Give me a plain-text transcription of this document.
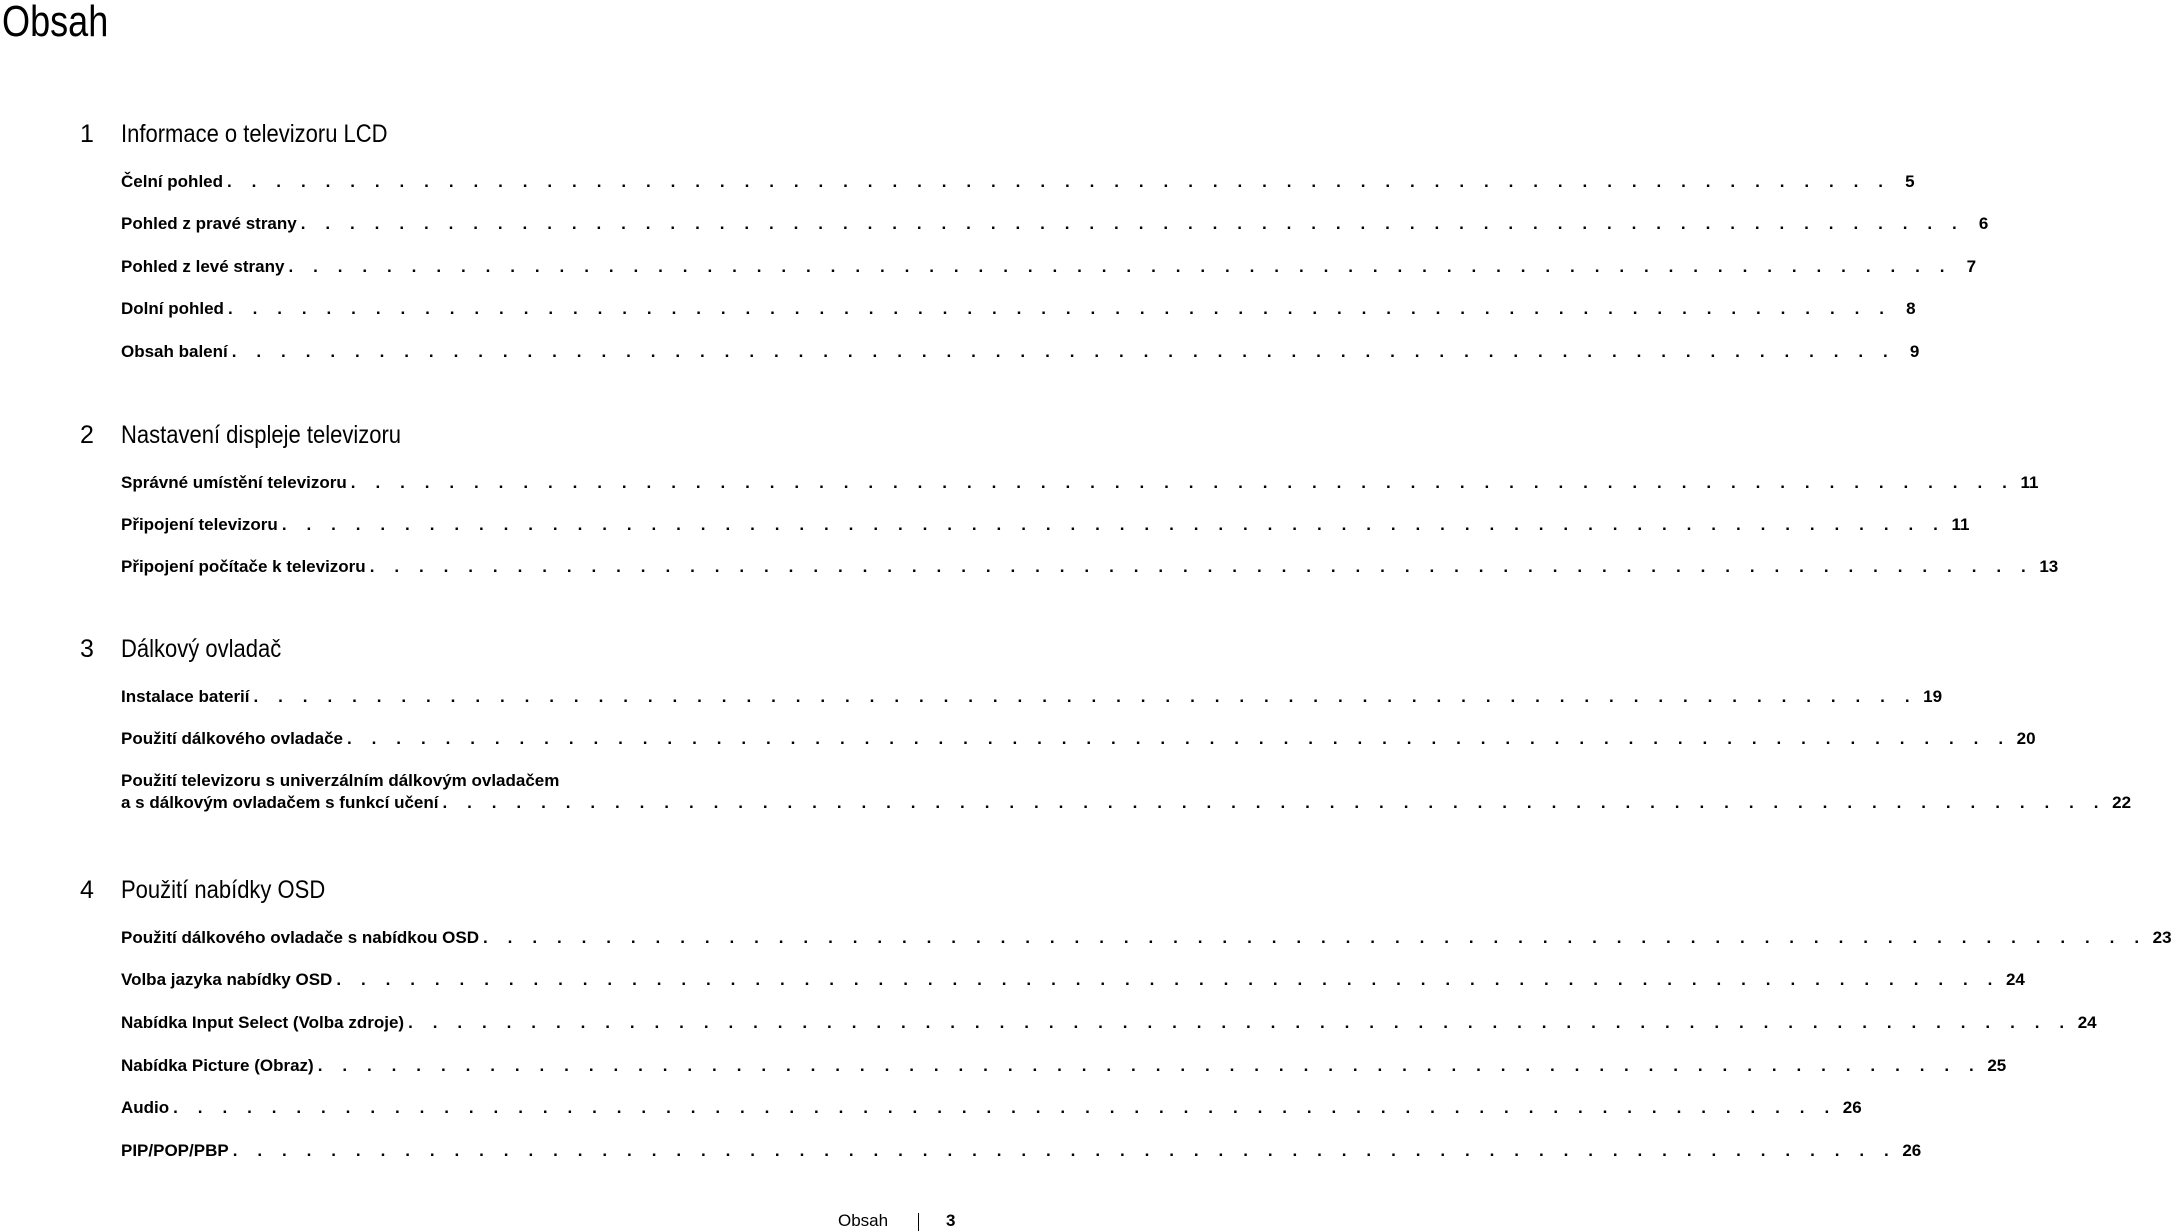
Obsah
1 Informace o televizoru LCD
Čelní pohled . . . . . . . . . . . . . . . . . . . . . . . . . . . . . . . . . . . . . . . . . . . . . . . . . . . . . . . . . . . . . . . . . . . . 5
Pohled z pravé strany . . . . . . . . . . . . . . . . . . . . . . . . . . . . . . . . . . . . . . . . . . . . . . . . . . . . . . . . . . . . . . . . . . . . 6
Pohled z levé strany . . . . . . . . . . . . . . . . . . . . . . . . . . . . . . . . . . . . . . . . . . . . . . . . . . . . . . . . . . . . . . . . . . . . 7
Dolní pohled . . . . . . . . . . . . . . . . . . . . . . . . . . . . . . . . . . . . . . . . . . . . . . . . . . . . . . . . . . . . . . . . . . . . 8
Obsah balení . . . . . . . . . . . . . . . . . . . . . . . . . . . . . . . . . . . . . . . . . . . . . . . . . . . . . . . . . . . . . . . . . . . . 9
2 Nastavení displeje televizoru
Správné umístění televizoru . . . . . . . . . . . . . . . . . . . . . . . . . . . . . . . . . . . . . . . . . . . . . . . . . . . . . . . . . . . . . . . . . . . . 11
Připojení televizoru . . . . . . . . . . . . . . . . . . . . . . . . . . . . . . . . . . . . . . . . . . . . . . . . . . . . . . . . . . . . . . . . . . . . 11
Připojení počítače k televizoru . . . . . . . . . . . . . . . . . . . . . . . . . . . . . . . . . . . . . . . . . . . . . . . . . . . . . . . . . . . . . . . . . . . . 13
3 Dálkový ovladač
Instalace baterií . . . . . . . . . . . . . . . . . . . . . . . . . . . . . . . . . . . . . . . . . . . . . . . . . . . . . . . . . . . . . . . . . . . . 19
Použití dálkového ovladače . . . . . . . . . . . . . . . . . . . . . . . . . . . . . . . . . . . . . . . . . . . . . . . . . . . . . . . . . . . . . . . . . . . . 20
Použití televizoru s univerzálním dálkovým ovladačem
a s dálkovým ovladačem s funkcí učení . . . . . . . . . . . . . . . . . . . . . . . . . . . . . . . . . . . . . . . . . . . . . . . . . . . . . . . . . . . . . . . . . . . . 22
4 Použití nabídky OSD
Použití dálkového ovladače s nabídkou OSD . . . . . . . . . . . . . . . . . . . . . . . . . . . . . . . . . . . . . . . . . . . . . . . . . . . . . . . . . . . . . . . . . . . . 23
Volba jazyka nabídky OSD . . . . . . . . . . . . . . . . . . . . . . . . . . . . . . . . . . . . . . . . . . . . . . . . . . . . . . . . . . . . . . . . . . . . 24
Nabídka Input Select (Volba zdroje) . . . . . . . . . . . . . . . . . . . . . . . . . . . . . . . . . . . . . . . . . . . . . . . . . . . . . . . . . . . . . . . . . . . . 24
Nabídka Picture (Obraz) . . . . . . . . . . . . . . . . . . . . . . . . . . . . . . . . . . . . . . . . . . . . . . . . . . . . . . . . . . . . . . . . . . . . 25
Audio . . . . . . . . . . . . . . . . . . . . . . . . . . . . . . . . . . . . . . . . . . . . . . . . . . . . . . . . . . . . . . . . . . . . 26
PIP/POP/PBP . . . . . . . . . . . . . . . . . . . . . . . . . . . . . . . . . . . . . . . . . . . . . . . . . . . . . . . . . . . . . . . . . . . . 26
Obsah	3
